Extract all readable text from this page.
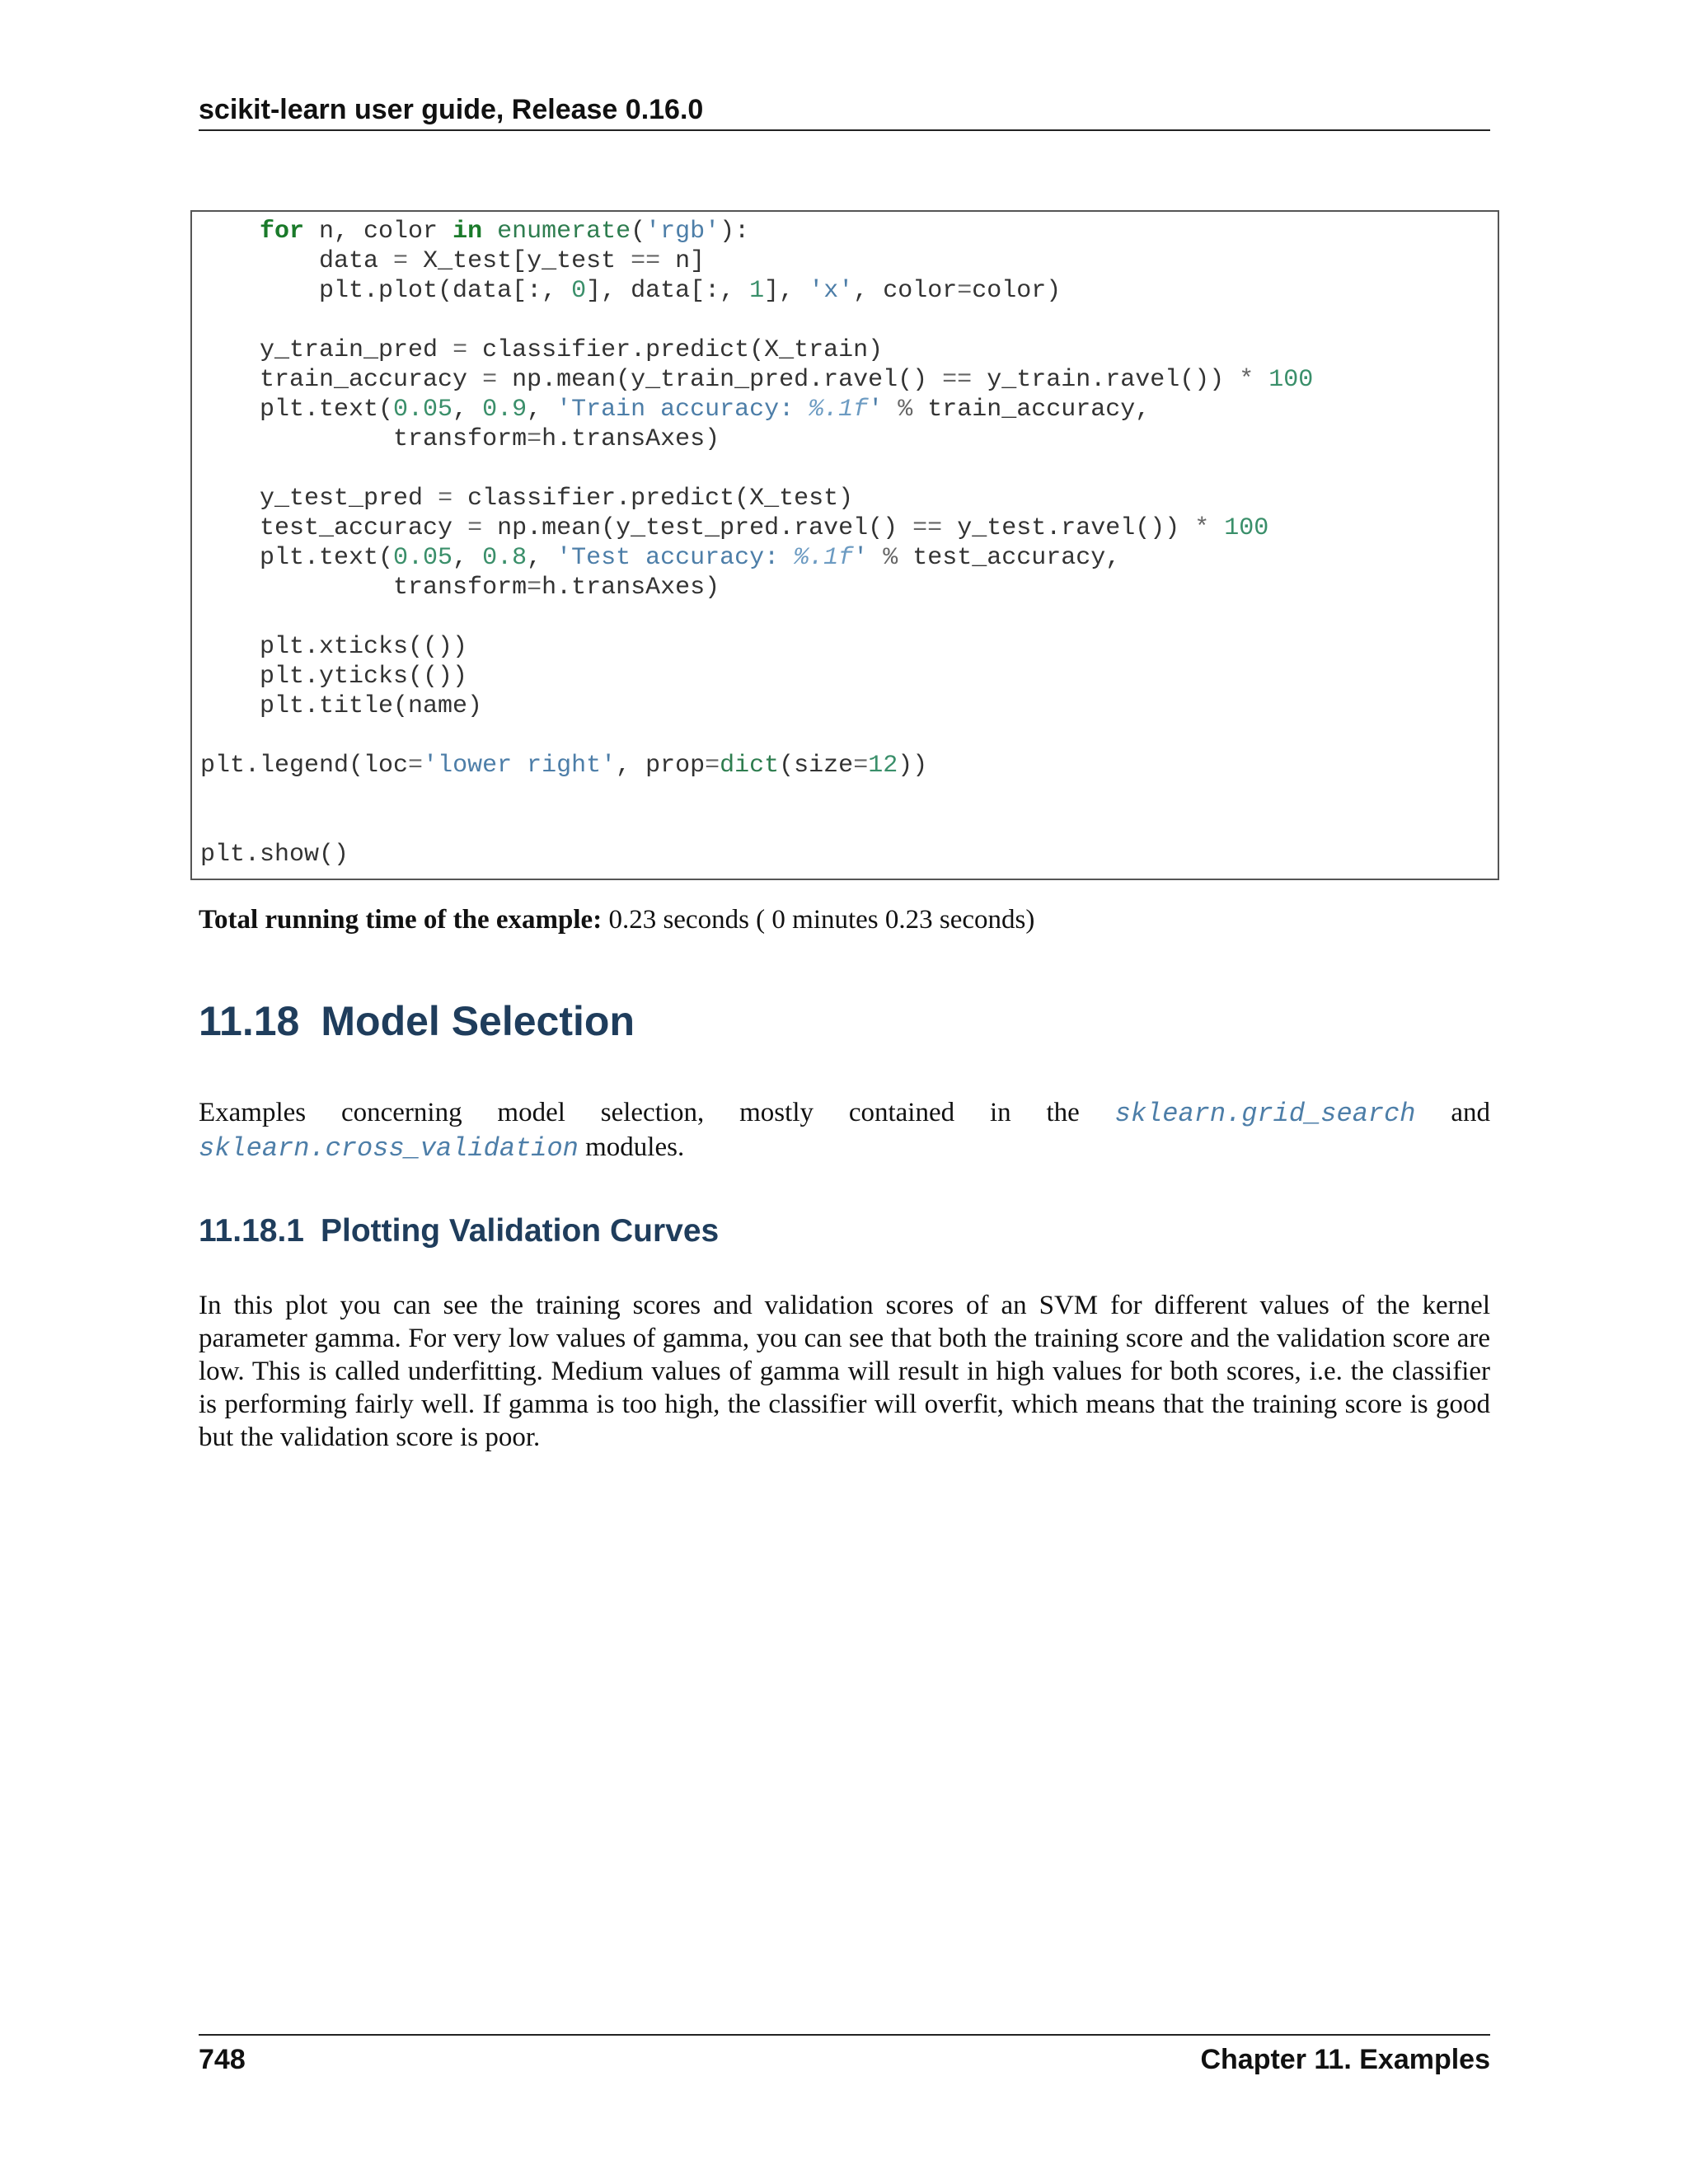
scikit-learn user guide, Release 0.16.0
for n, color in enumerate('rgb'):
data = X_test[y_test == n]
plt.plot(data[:, 0], data[:, 1], 'x', color=color)
y_train_pred = classifier.predict(X_train)
train_accuracy = np.mean(y_train_pred.ravel() == y_train.ravel()) * 100
plt.text(0.05, 0.9, 'Train accuracy: %.1f' % train_accuracy,
transform=h.transAxes)
y_test_pred = classifier.predict(X_test)
test_accuracy = np.mean(y_test_pred.ravel() == y_test.ravel()) * 100
plt.text(0.05, 0.8, 'Test accuracy: %.1f' % test_accuracy,
transform=h.transAxes)
plt.xticks(())
plt.yticks(())
plt.title(name)
plt.legend(loc='lower right', prop=dict(size=12))
plt.show()

Total running time of the example: 0.23 seconds ( 0 minutes 0.23 seconds)

11.18 Model Selection

Examples concerning model selection, mostly contained in the sklearn.grid_search and sklearn.cross_validation modules.

11.18.1 Plotting Validation Curves

In this plot you can see the training scores and validation scores of an SVM for different values of the kernel parameter gamma. For very low values of gamma, you can see that both the training score and the validation score are low. This is called underfitting. Medium values of gamma will result in high values for both scores, i.e. the classifier is performing fairly well. If gamma is too high, the classifier will overfit, which means that the training score is good but the validation score is poor.

748	Chapter 11. Examples
